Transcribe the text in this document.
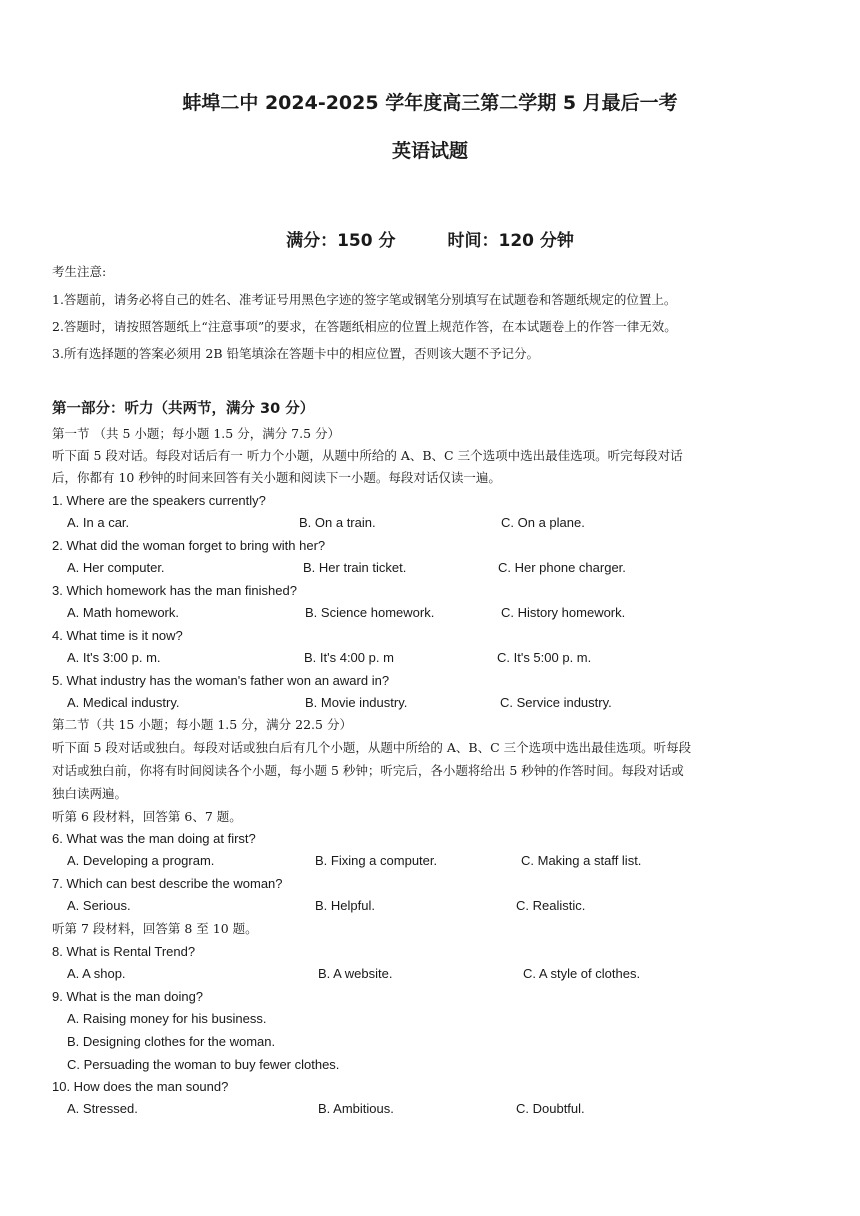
蚌埠二中 2024-2025 学年度高三第二学期 5 月最后一考
英语试题
满分：150 分	时间：120 分钟
考生注意:
1.答题前，请务必将自己的姓名、准考证号用黑色字迹的签字笔或钢笔分别填写在试题卷和答题纸规定的位置上。
2.答题时，请按照答题纸上“注意事项”的要求，在答题纸相应的位置上规范作答，在本试题卷上的作答一律无效。
3.所有选择题的答案必须用 2B 铅笔填涂在答题卡中的相应位置，否则该大题不予记分。
第一部分：听力（共两节，满分 30 分）
第一节 （共 5 小题；每小题 1.5 分，满分 7.5 分）
听下面 5 段对话。每段对话后有一 听力个小题，从题中所给的 A、B、C 三个选项中选出最佳选项。听完每段对话
后，你都有 10 秒钟的时间来回答有关小题和阅读下一小题。每段对话仅读一遍。
1. Where are the speakers currently?
A. In a car.	B. On a train.	C. On a plane.
2. What did the woman forget to bring with her?
A. Her computer.	B. Her train ticket.	C. Her phone charger.
3. Which homework has the man finished?
A. Math homework.	B. Science homework.	C. History homework.
4. What time is it now?
A. It's 3:00 p. m.	B. It's 4:00 p. m	C. It's 5:00 p. m.
5. What industry has the woman's father won an award in?
A. Medical industry.	B. Movie industry.	C. Service industry.
第二节（共 15 小题；每小题 1.5 分，满分 22.5 分）
听下面 5 段对话或独白。每段对话或独白后有几个小题，从题中所给的 A、B、C 三个选项中选出最佳选项。听每段
对话或独白前，你将有时间阅读各个小题，每小题 5 秒钟；听完后，各小题将给出 5 秒钟的作答时间。每段对话或
独白读两遍。
听第 6 段材料，回答第 6、7 题。
6. What was the man doing at first?
A. Developing a program.	B. Fixing a computer.	C. Making a staff list.
7. Which can best describe the woman?
A. Serious.	B. Helpful.	C. Realistic.
听第 7 段材料，回答第 8 至 10 题。
8. What is Rental Trend?
A. A shop.	B. A website.	C. A style of clothes.
9. What is the man doing?
A. Raising money for his business.
B. Designing clothes for the woman.
C. Persuading the woman to buy fewer clothes.
10. How does the man sound?
A. Stressed.	B. Ambitious.	C. Doubtful.
